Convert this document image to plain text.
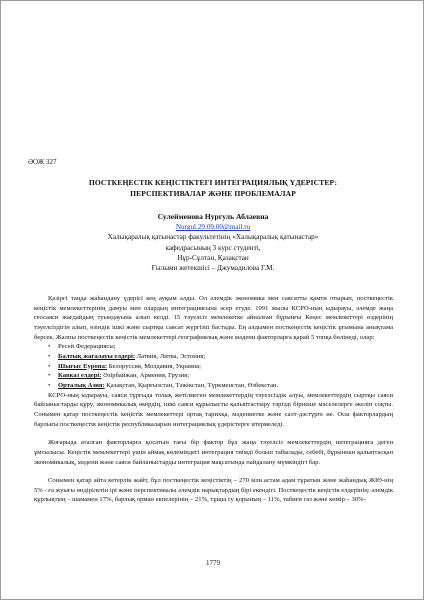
ӘОЖ 327
ПОСТКЕҢЕСТІК КЕҢІСТІКТЕГІ ИНТЕГРАЦИЯЛЫҚ ҮДЕРІСТЕР:
ПЕРСПЕКТИВАЛАР ЖӘНЕ ПРОБЛЕМАЛАР
Сулейменова Нургуль Аблаевна
Nurgul.29.09.00@mail.ru
Халықаралық қатынастар факультетінің «Халықаралық қатынастар»
кафедрасының 3 курс студенті,
Нұр-Сұлтан, Қазақстан
Ғылыми жетекшісі – Джумадилова Г.М.

Қазіргі таңда жаһандану үдерісі кең ауқым алды. Ол әлемдік экономика мен саясатты қамти отырып, посткеңестік кеңістік мемлекеттерінің дамуы мен олардың интеграциясына әсер етуде. 1991 жылы КСРО-ның ыдырауы, әлемде жаңа геосаяси жағдайдың туындауына алып келді. 15 тәуелсіз мемлекетке айналған бұрынғы Кеңес мемлекеттері өздерінің тәуелсіздігін алып, өзіндік ішкі және сыртқы саясат жүргізіп бастады. Ең алдымен посткеңестік кеңістік ұғымына анықтама берсек. Жалпы посткеңестік кеңістік мемлекеттері географиялық және мәдени факторларға қарай 5 топқа бөлінеді, олар:

• Ресей Федерациясы;
• Балтық жағалауы елдері: Латвия, Литва, Эстония;
• Шығыс Еуропа: Белоруссия, Молдавия, Украина;
• Кавказ елдері: Әзірбайжан, Армения, Грузия;
• Орталық Азия: Қазақстан, Қырғызстан, Тәжікстан, Түркменстан, Өзбекстан.

КСРО-ның ыдырауы, саяси тұрғыда толық жетілмеген мемлекеттердің тәуелсіздік алуы, мемлекеттердің сыртқы саяси байланыстарды құру, экономикалық өмірдің, ішкі саяси құрылысты қалыптастыру тәрізді бірнеше мәселелерге әкеліп соқты. Сонымен қатар посткеңестік кеңістік мемлекеттері ортақ тарихқа, мәдениетке және салт-дәстүрге ие. Осы факторлардың барлығы посткеңестік кеңістік республикаларын интеграциялық үдерістерге итермеледі.

Жоғарыда аталған факторларға қосатын тағы бір фактор бұл жаңа тәуелсіз мемлекеттердің интеграцияға деген ұмтылысы. Кеңістік мемлекеттері үшін аймақ көлеміндегі интеграция тиімді болып табылады, себебі, бұрыннан қалыптасқан экономикалық, мәдени және саяси байланыстарды интеграция мақсатында пайдалану мүмкіндігі бар.

Сонымен қатар айта кетерлік жайт, бұл посткеңестік кеңістіктің – 270 млн.астам адам тұратын және жаһандық ЖІӨ-нің 5% - ға жуығы өндірілетін ірі және перспективалы әлемдік нарықтардың бірі екендігі. Посткеңестік кеңістік елдерінің: әлемдік құрлықтың – шамамен 17%, барлық орман екпелерінің – 21%, тұщы су қорының – 11%, табиғи газ және көмір – 30%-

1779
